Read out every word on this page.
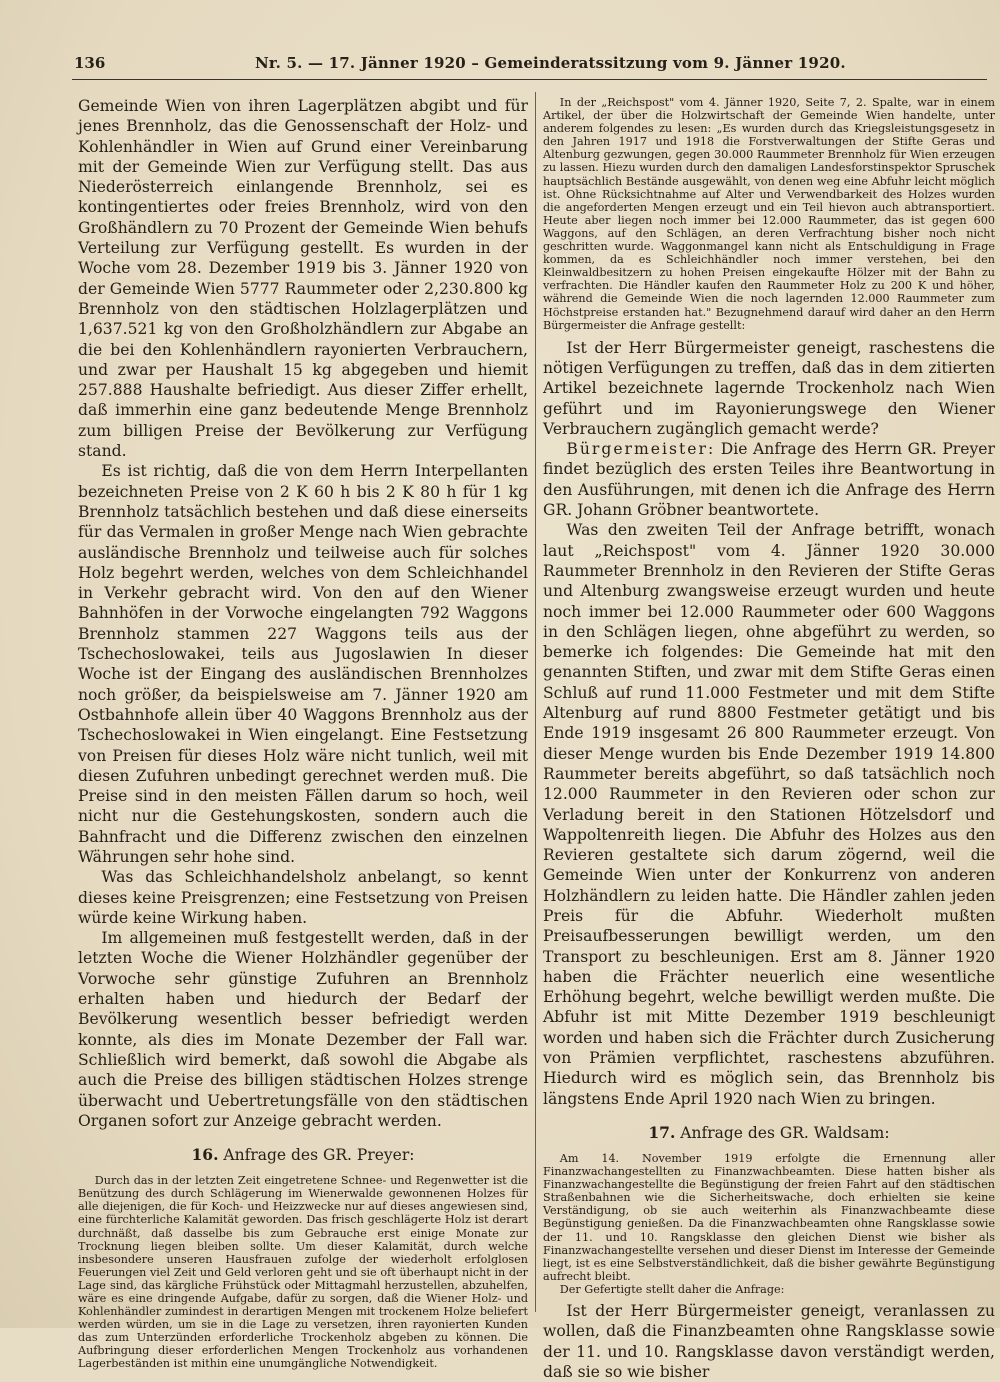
136	Nr. 5. — 17. Jänner 1920 – Gemeinderatssitzung vom 9. Jänner 1920.

Gemeinde Wien von ihren Lagerplätzen abgibt und für jenes Brennholz, das die Genossenschaft der Holz- und Kohlenhändler in Wien auf Grund einer Vereinbarung mit der Gemeinde Wien zur Verfügung stellt. Das aus Niederösterreich einlangende Brennholz, sei es kontingentiertes oder freies Brennholz, wird von den Großhändlern zu 70 Prozent der Gemeinde Wien behufs Verteilung zur Verfügung gestellt. Es wurden in der Woche vom 28. Dezember 1919 bis 3. Jänner 1920 von der Gemeinde Wien 5777 Raummeter oder 2,230.800 kg Brennholz von den städtischen Holzlagerplätzen und 1,637.521 kg von den Großholzhändlern zur Abgabe an die bei den Kohlenhändlern rayonierten Verbrauchern, und zwar per Haushalt 15 kg abgegeben und hiemit 257.888 Haushalte befriedigt. Aus dieser Ziffer erhellt, daß immerhin eine ganz bedeutende Menge Brennholz zum billigen Preise der Bevölkerung zur Verfügung stand.

Es ist richtig, daß die von dem Herrn Interpellanten bezeichneten Preise von 2 K 60 h bis 2 K 80 h für 1 kg Brennholz tatsächlich bestehen und daß diese einerseits für das Vermalen in großer Menge nach Wien gebrachte ausländische Brennholz und teilweise auch für solches Holz begehrt werden, welches von dem Schleichhandel in Verkehr gebracht wird. Von den auf den Wiener Bahnhöfen in der Vorwoche eingelangten 792 Waggons Brennholz stammen 227 Waggons teils aus der Tschechoslowakei, teils aus Jugoslawien In dieser Woche ist der Eingang des ausländischen Brennholzes noch größer, da beispielsweise am 7. Jänner 1920 am Ostbahnhofe allein über 40 Waggons Brennholz aus der Tschechoslowakei in Wien eingelangt. Eine Festsetzung von Preisen für dieses Holz wäre nicht tunlich, weil mit diesen Zufuhren unbedingt gerechnet werden muß. Die Preise sind in den meisten Fällen darum so hoch, weil nicht nur die Gestehungskosten, sondern auch die Bahnfracht und die Differenz zwischen den einzelnen Währungen sehr hohe sind.

Was das Schleichhandelsholz anbelangt, so kennt dieses keine Preisgrenzen; eine Festsetzung von Preisen würde keine Wirkung haben.

Im allgemeinen muß festgestellt werden, daß in der letzten Woche die Wiener Holzhändler gegenüber der Vorwoche sehr günstige Zufuhren an Brennholz erhalten haben und hiedurch der Bedarf der Bevölkerung wesentlich besser befriedigt werden konnte, als dies im Monate Dezember der Fall war. Schließlich wird bemerkt, daß sowohl die Abgabe als auch die Preise des billigen städtischen Holzes strenge überwacht und Uebertretungsfälle von den städtischen Organen sofort zur Anzeige gebracht werden.

16. Anfrage des GR. Preyer:

Durch das in der letzten Zeit eingetretene Schnee- und Regenwetter ist die Benützung des durch Schlägerung im Wienerwalde gewonnenen Holzes für alle diejenigen, die für Koch- und Heizzwecke nur auf dieses angewiesen sind, eine fürchterliche Kalamität geworden. Das frisch geschlägerte Holz ist derart durchnäßt, daß dasselbe bis zum Gebrauche erst einige Monate zur Trocknung liegen bleiben sollte. Um dieser Kalamität, durch welche insbesondere unseren Hausfrauen zufolge der wiederholt erfolglosen Feuerungen viel Zeit und Geld verloren geht und sie oft überhaupt nicht in der Lage sind, das kärgliche Frühstück oder Mittagmahl herzustellen, abzuhelfen, wäre es eine dringende Aufgabe, dafür zu sorgen, daß die Wiener Holz- und Kohlenhändler zumindest in derartigen Mengen mit trockenem Holze beliefert werden würden, um sie in die Lage zu versetzen, ihren rayonierten Kunden das zum Unterzünden erforderliche Trockenholz abgeben zu können. Die Aufbringung dieser erforderlichen Mengen Trockenholz aus vorhandenen Lagerbeständen ist mithin eine unumgängliche Notwendigkeit.

In der „Reichspost" vom 4. Jänner 1920, Seite 7, 2. Spalte, war in einem Artikel, der über die Holzwirtschaft der Gemeinde Wien handelte, unter anderem folgendes zu lesen: „Es wurden durch das Kriegsleistungsgesetz in den Jahren 1917 und 1918 die Forstverwaltungen der Stifte Geras und Altenburg gezwungen, gegen 30.000 Raummeter Brennholz für Wien erzeugen zu lassen. Hiezu wurden durch den damaligen Landesforstinspektor Spruschek hauptsächlich Bestände ausgewählt, von denen weg eine Abfuhr leicht möglich ist. Ohne Rücksichtnahme auf Alter und Verwendbarkeit des Holzes wurden die angeforderten Mengen erzeugt und ein Teil hievon auch abtransportiert. Heute aber liegen noch immer bei 12.000 Raummeter, das ist gegen 600 Waggons, auf den Schlägen, an deren Verfrachtung bisher noch nicht geschritten wurde. Waggonmangel kann nicht als Entschuldigung in Frage kommen, da es Schleichhändler noch immer verstehen, bei den Kleinwaldbesitzern zu hohen Preisen eingekaufte Hölzer mit der Bahn zu verfrachten. Die Händler kaufen den Raummeter Holz zu 200 K und höher, während die Gemeinde Wien die noch lagernden 12.000 Raummeter zum Höchstpreise erstanden hat." Bezugnehmend darauf wird daher an den Herrn Bürgermeister die Anfrage gestellt:

Ist der Herr Bürgermeister geneigt, raschestens die nötigen Verfügungen zu treffen, daß das in dem zitierten Artikel bezeichnete lagernde Trockenholz nach Wien geführt und im Rayonierungswege den Wiener Verbrauchern zugänglich gemacht werde?

Bürgermeister: Die Anfrage des Herrn GR. Preyer findet bezüglich des ersten Teiles ihre Beantwortung in den Ausführungen, mit denen ich die Anfrage des Herrn GR. Johann Gröbner beantwortete.

Was den zweiten Teil der Anfrage betrifft, wonach laut „Reichspost" vom 4. Jänner 1920 30.000 Raummeter Brennholz in den Revieren der Stifte Geras und Altenburg zwangsweise erzeugt wurden und heute noch immer bei 12.000 Raummeter oder 600 Waggons in den Schlägen liegen, ohne abgeführt zu werden, so bemerke ich folgendes: Die Gemeinde hat mit den genannten Stiften, und zwar mit dem Stifte Geras einen Schluß auf rund 11.000 Festmeter und mit dem Stifte Altenburg auf rund 8800 Festmeter getätigt und bis Ende 1919 insgesamt 26 800 Raummeter erzeugt. Von dieser Menge wurden bis Ende Dezember 1919 14.800 Raummeter bereits abgeführt, so daß tatsächlich noch 12.000 Raummeter in den Revieren oder schon zur Verladung bereit in den Stationen Hötzelsdorf und Wappoltenreith liegen. Die Abfuhr des Holzes aus den Revieren gestaltete sich darum zögernd, weil die Gemeinde Wien unter der Konkurrenz von anderen Holzhändlern zu leiden hatte. Die Händler zahlen jeden Preis für die Abfuhr. Wiederholt mußten Preisaufbesserungen bewilligt werden, um den Transport zu beschleunigen. Erst am 8. Jänner 1920 haben die Frächter neuerlich eine wesentliche Erhöhung begehrt, welche bewilligt werden mußte. Die Abfuhr ist mit Mitte Dezember 1919 beschleunigt worden und haben sich die Frächter durch Zusicherung von Prämien verpflichtet, raschestens abzuführen. Hiedurch wird es möglich sein, das Brennholz bis längstens Ende April 1920 nach Wien zu bringen.

17. Anfrage des GR. Waldsam:

Am 14. November 1919 erfolgte die Ernennung aller Finanzwachangestellten zu Finanzwachbeamten. Diese hatten bisher als Finanzwachangestellte die Begünstigung der freien Fahrt auf den städtischen Straßenbahnen wie die Sicherheitswache, doch erhielten sie keine Verständigung, ob sie auch weiterhin als Finanzwachbeamte diese Begünstigung genießen. Da die Finanzwachbeamten ohne Rangsklasse sowie der 11. und 10. Rangsklasse den gleichen Dienst wie bisher als Finanzwachangestellte versehen und dieser Dienst im Interesse der Gemeinde liegt, ist es eine Selbstverständlichkeit, daß die bisher gewährte Begünstigung aufrecht bleibt.

Der Gefertigte stellt daher die Anfrage:

Ist der Herr Bürgermeister geneigt, veranlassen zu wollen, daß die Finanzbeamten ohne Rangsklasse sowie der 11. und 10. Rangsklasse davon verständigt werden, daß sie so wie bisher
